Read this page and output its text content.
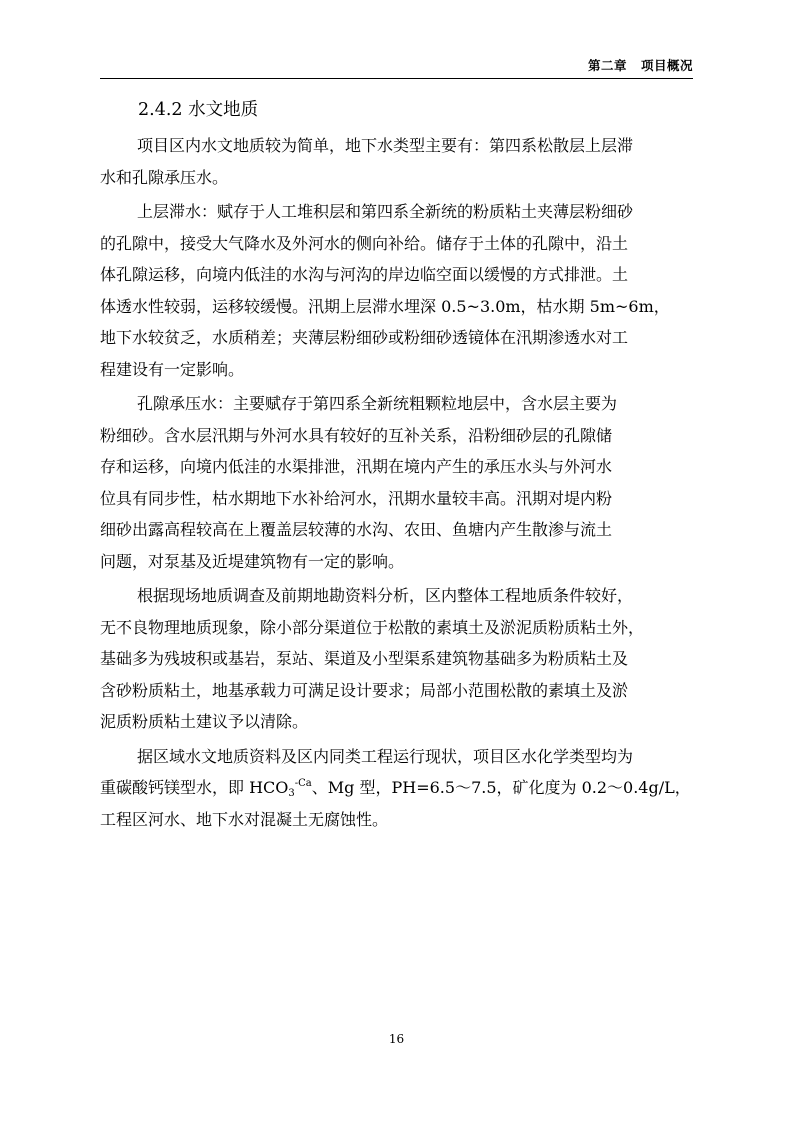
第二章 项目概况
2.4.2 水文地质

项目区内水文地质较为简单，地下水类型主要有：第四系松散层上层滞
水和孔隙承压水。

上层滞水：赋存于人工堆积层和第四系全新统的粉质粘土夹薄层粉细砂
的孔隙中，接受大气降水及外河水的侧向补给。储存于土体的孔隙中，沿土
体孔隙运移，向境内低洼的水沟与河沟的岸边临空面以缓慢的方式排泄。土
体透水性较弱，运移较缓慢。汛期上层滞水埋深 0.5~3.0m，枯水期 5m~6m，
地下水较贫乏，水质稍差；夹薄层粉细砂或粉细砂透镜体在汛期渗透水对工
程建设有一定影响。

孔隙承压水：主要赋存于第四系全新统粗颗粒地层中，含水层主要为
粉细砂。含水层汛期与外河水具有较好的互补关系，沿粉细砂层的孔隙储
存和运移，向境内低洼的水渠排泄，汛期在境内产生的承压水头与外河水
位具有同步性，枯水期地下水补给河水，汛期水量较丰高。汛期对堤内粉
细砂出露高程较高在上覆盖层较薄的水沟、农田、鱼塘内产生散渗与流土
问题，对泵基及近堤建筑物有一定的影响。

根据现场地质调查及前期地勘资料分析，区内整体工程地质条件较好，
无不良物理地质现象，除小部分渠道位于松散的素填土及淤泥质粉质粘土外，
基础多为残坡积或基岩，泵站、渠道及小型渠系建筑物基础多为粉质粘土及
含砂粉质粘土，地基承载力可满足设计要求；局部小范围松散的素填土及淤
泥质粉质粘土建议予以清除。

据区域水文地质资料及区内同类工程运行现状，项目区水化学类型均为
重碳酸钙镁型水，即 $HCO_3^{-Ca}$、Mg 型，PH=6.5～7.5，矿化度为 0.2～0.4g/L，
工程区河水、地下水对混凝土无腐蚀性。

16
